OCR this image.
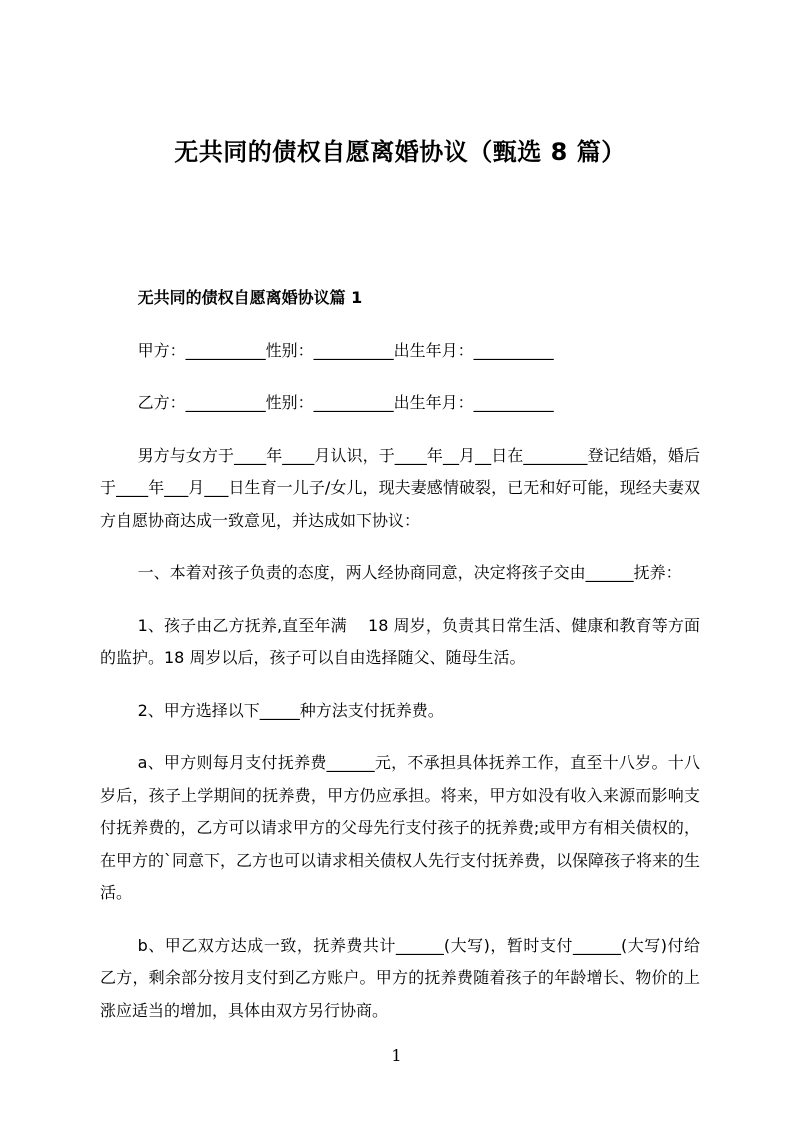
无共同的债权自愿离婚协议（甄选 8 篇）

无共同的债权自愿离婚协议篇 1

甲方：__________性别：__________出生年月：__________

乙方：__________性别：__________出生年月：__________

男方与女方于____年____月认识，于____年__月__日在________登记结婚，婚后于____年___月___日生育一儿子/女儿，现夫妻感情破裂，已无和好可能，现经夫妻双方自愿协商达成一致意见，并达成如下协议：

一、本着对孩子负责的态度，两人经协商同意，决定将孩子交由______抚养：

1、孩子由乙方抚养,直至年满　 18 周岁，负责其日常生活、健康和教育等方面的监护。18 周岁以后，孩子可以自由选择随父、随母生活。

2、甲方选择以下_____种方法支付抚养费。

a、甲方则每月支付抚养费______元，不承担具体抚养工作，直至十八岁。十八岁后，孩子上学期间的抚养费，甲方仍应承担。将来，甲方如没有收入来源而影响支付抚养费的，乙方可以请求甲方的父母先行支付孩子的抚养费;或甲方有相关债权的，在甲方的`同意下，乙方也可以请求相关债权人先行支付抚养费，以保障孩子将来的生活。

b、甲乙双方达成一致，抚养费共计______(大写)，暂时支付______(大写)付给乙方，剩余部分按月支付到乙方账户。甲方的抚养费随着孩子的年龄增长、物价的上涨应适当的增加，具体由双方另行协商。

1
